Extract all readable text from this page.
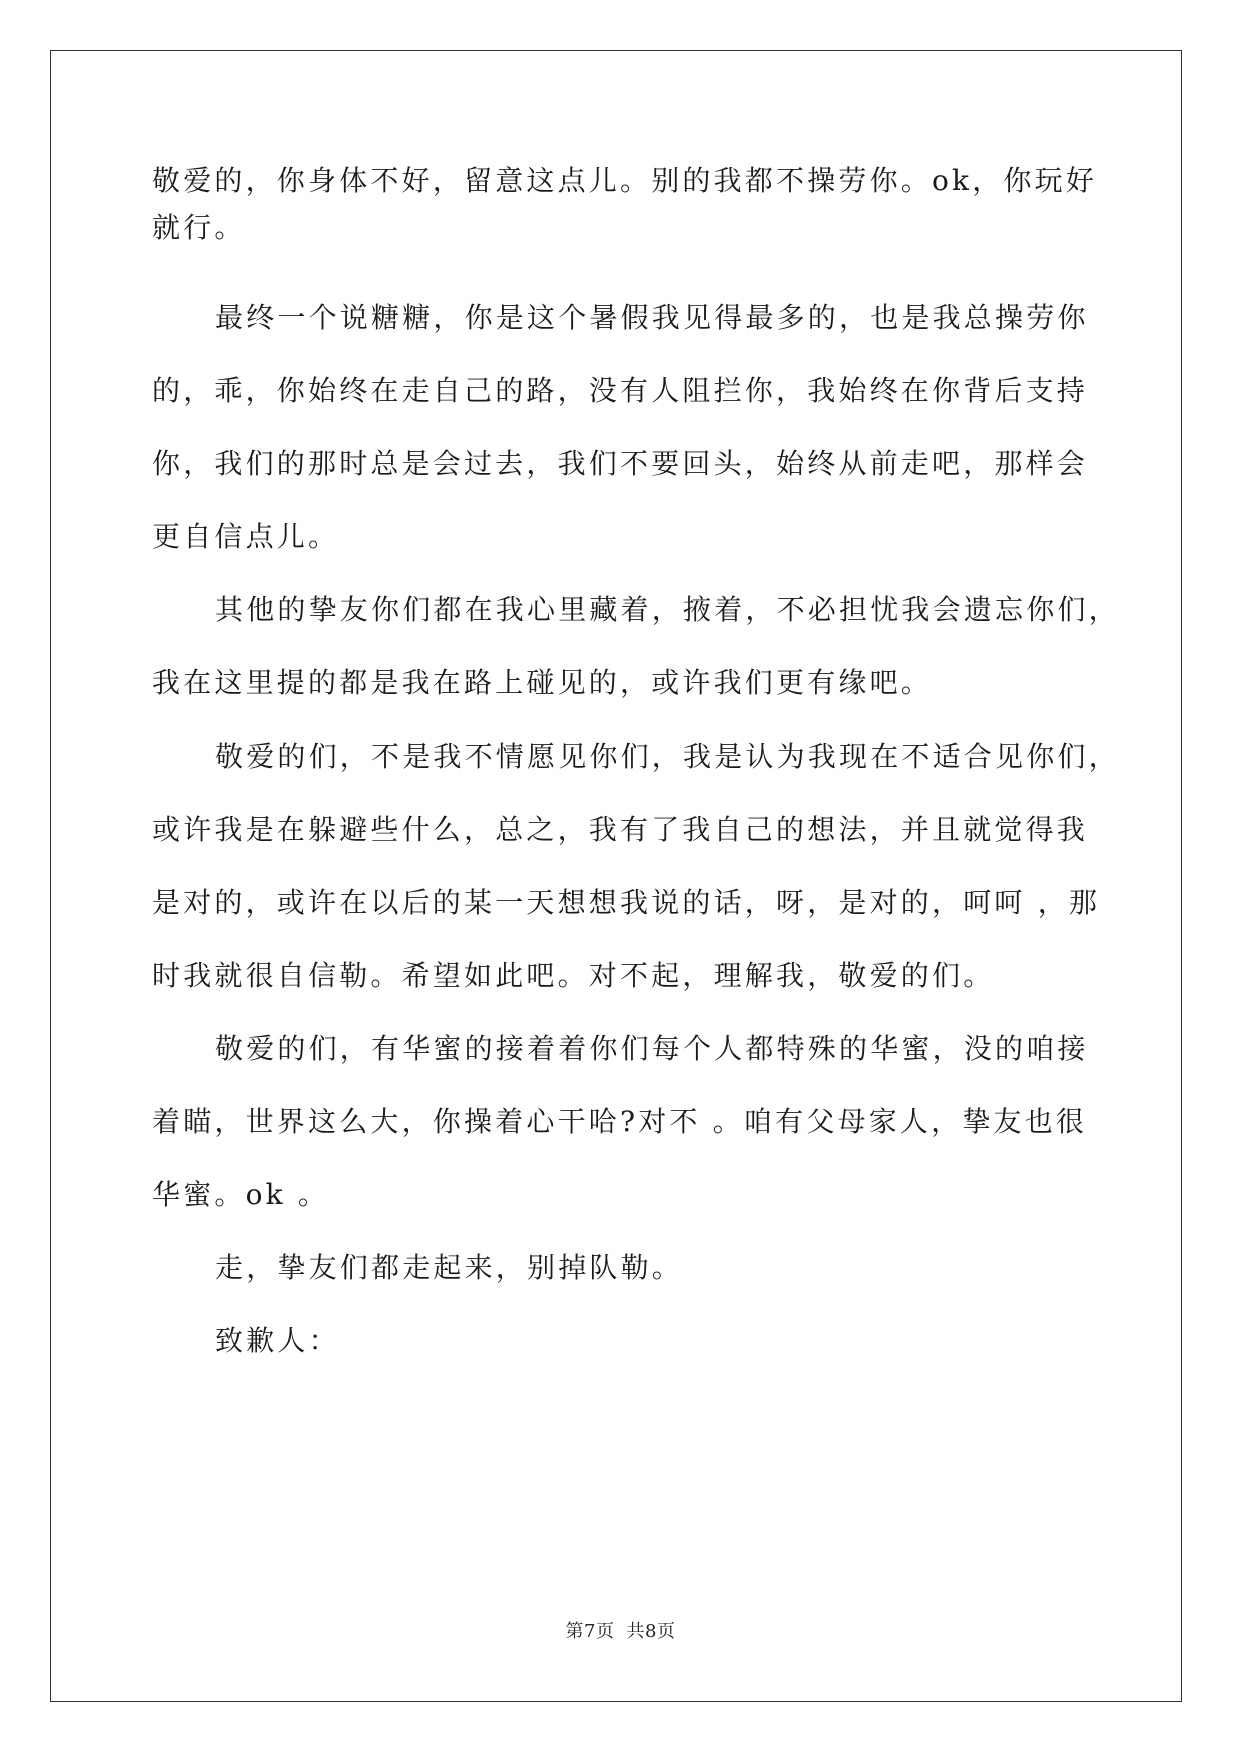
敬爱的，你身体不好，留意这点儿。别的我都不操劳你。ok，你玩好

就行。

最终一个说糖糖，你是这个暑假我见得最多的，也是我总操劳你

的，乖，你始终在走自己的路，没有人阻拦你，我始终在你背后支持

你，我们的那时总是会过去，我们不要回头，始终从前走吧，那样会

更自信点儿。

其他的挚友你们都在我心里藏着，掖着，不必担忧我会遗忘你们，

我在这里提的都是我在路上碰见的，或许我们更有缘吧。

敬爱的们，不是我不情愿见你们，我是认为我现在不适合见你们，

或许我是在躲避些什么，总之，我有了我自己的想法，并且就觉得我

是对的，或许在以后的某一天想想我说的话，呀，是对的，呵呵 ，那

时我就很自信勒。希望如此吧。对不起，理解我，敬爱的们。

敬爱的们，有华蜜的接着着你们每个人都特殊的华蜜，没的咱接

着瞄，世界这么大，你操着心干哈?对不 。咱有父母家人，挚友也很

华蜜。ok 。

走，挚友们都走起来，别掉队勒。

致歉人：

第7页 共8页
